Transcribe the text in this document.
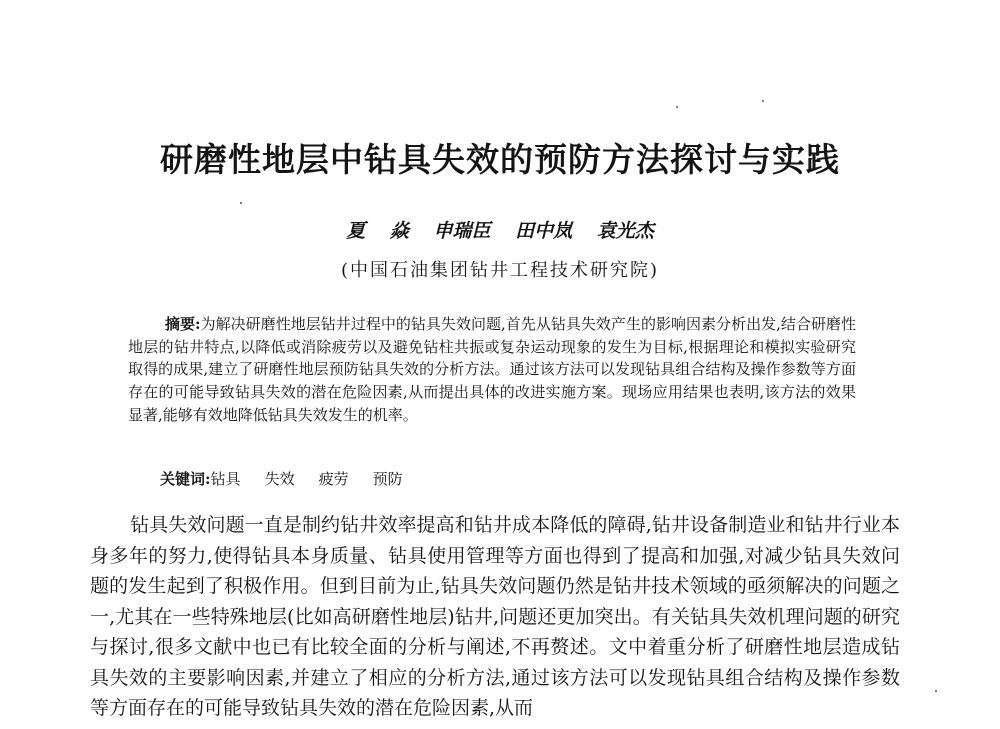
研磨性地层中钻具失效的预防方法探讨与实践
夏 焱 申瑞臣 田中岚 袁光杰
(中国石油集团钻井工程技术研究院)

摘要:为解决研磨性地层钻井过程中的钻具失效问题,首先从钻具失效产生的影响因素分析出发,结合研磨性地层的钻井特点,以降低或消除疲劳以及避免钻柱共振或复杂运动现象的发生为目标,根据理论和模拟实验研究取得的成果,建立了研磨性地层预防钻具失效的分析方法。通过该方法可以发现钻具组合结构及操作参数等方面存在的可能导致钻具失效的潜在危险因素,从而提出具体的改进实施方案。现场应用结果也表明,该方法的效果显著,能够有效地降低钻具失效发生的机率。

关键词:钻具 失效 疲劳 预防

钻具失效问题一直是制约钻井效率提高和钻井成本降低的障碍,钻井设备制造业和钻井行业本身多年的努力,使得钻具本身质量、钻具使用管理等方面也得到了提高和加强,对减少钻具失效问题的发生起到了积极作用。但到目前为止,钻具失效问题仍然是钻井技术领域的亟须解决的问题之一,尤其在一些特殊地层(比如高研磨性地层)钻井,问题还更加突出。有关钻具失效机理问题的研究与探讨,很多文献中也已有比较全面的分析与阐述,不再赘述。文中着重分析了研磨性地层造成钻具失效的主要影响因素,并建立了相应的分析方法,通过该方法可以发现钻具组合结构及操作参数等方面存在的可能导致钻具失效的潜在危险因素,从而
